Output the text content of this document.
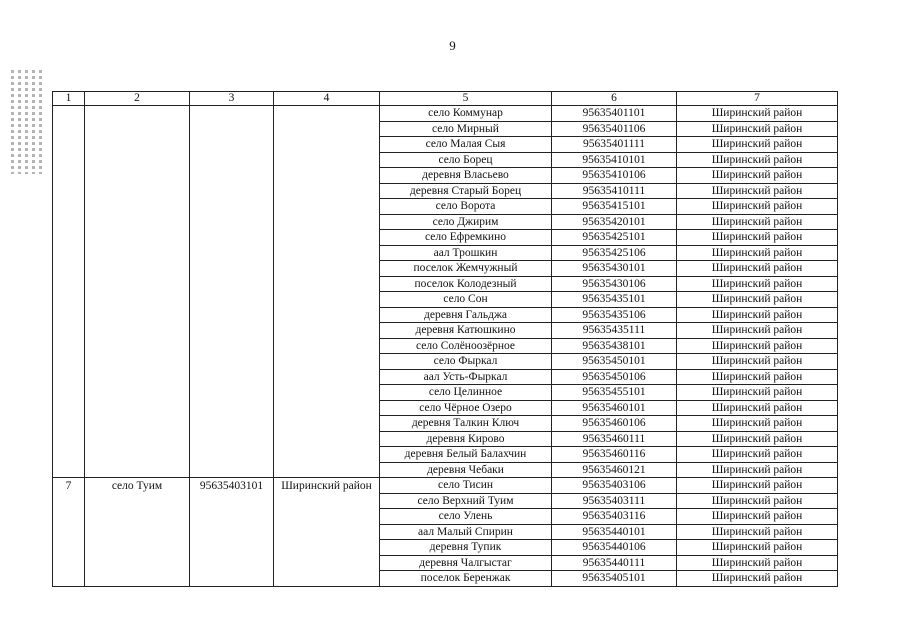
9
1	2	3	4	5	6	7
				село Коммунар	95635401101	Ширинский район
				село Мирный	95635401106	Ширинский район
				село Малая Сыя	95635401111	Ширинский район
				село Борец	95635410101	Ширинский район
				деревня Власьево	95635410106	Ширинский район
				деревня Старый Борец	95635410111	Ширинский район
				село Ворота	95635415101	Ширинский район
				село Джирим	95635420101	Ширинский район
				село Ефремкино	95635425101	Ширинский район
				аал Трошкин	95635425106	Ширинский район
				поселок Жемчужный	95635430101	Ширинский район
				поселок Колодезный	95635430106	Ширинский район
				село Сон	95635435101	Ширинский район
				деревня Гальджа	95635435106	Ширинский район
				деревня Катюшкино	95635435111	Ширинский район
				село Солёноозёрное	95635438101	Ширинский район
				село Фыркал	95635450101	Ширинский район
				аал Усть-Фыркал	95635450106	Ширинский район
				село Целинное	95635455101	Ширинский район
				село Чёрное Озеро	95635460101	Ширинский район
				деревня Талкин Ключ	95635460106	Ширинский район
				деревня Кирово	95635460111	Ширинский район
				деревня Белый Балахчин	95635460116	Ширинский район
				деревня Чебаки	95635460121	Ширинский район
7	село Туим	95635403101	Ширинский район	село Тисин	95635403106	Ширинский район
				село Верхний Туим	95635403111	Ширинский район
				село Улень	95635403116	Ширинский район
				аал Малый Спирин	95635440101	Ширинский район
				деревня Тупик	95635440106	Ширинский район
				деревня Чалгыстаг	95635440111	Ширинский район
				поселок Беренжак	95635405101	Ширинский район
